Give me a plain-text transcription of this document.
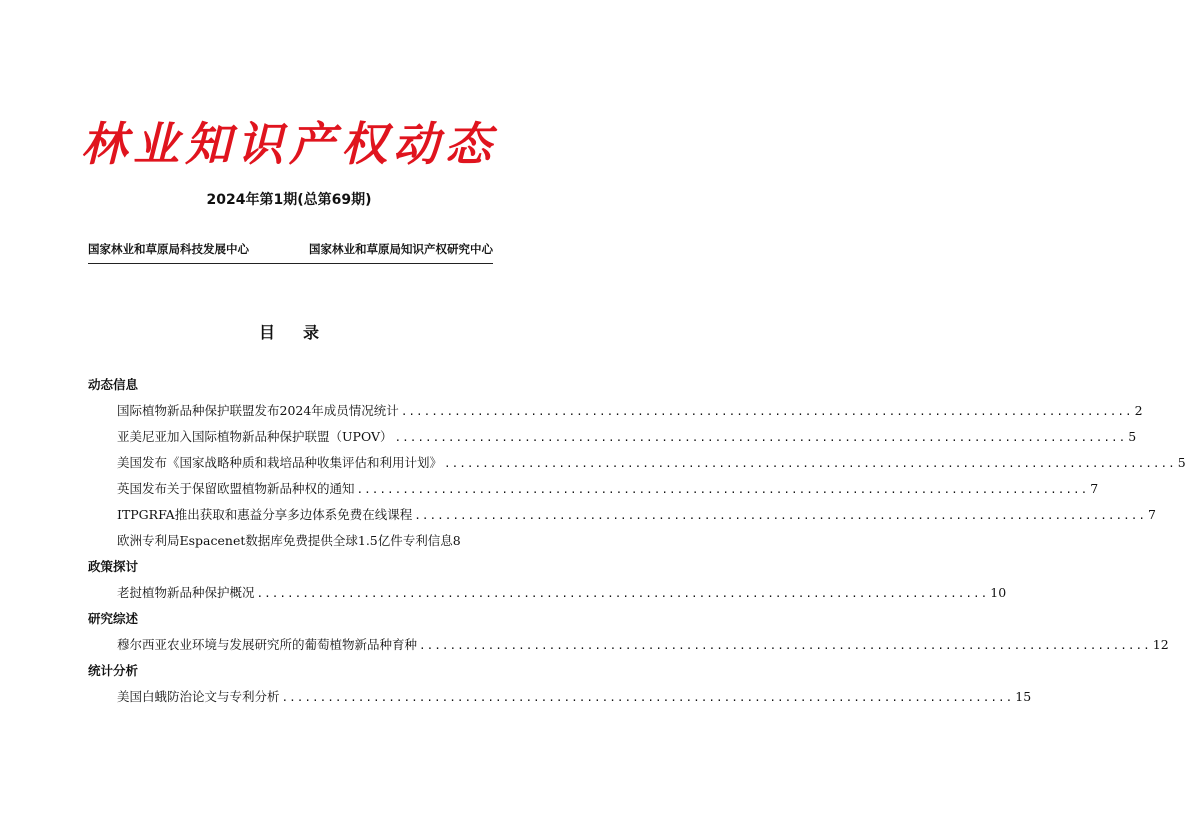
林业知识产权动态
2024年第1期(总第69期)
国家林业和草原局科技发展中心	国家林业和草原局知识产权研究中心
目录
动态信息
国际植物新品种保护联盟发布2024年成员情况统计 .....	2
亚美尼亚加入国际植物新品种保护联盟（UPOV） .....	5
美国发布《国家战略种质和栽培品种收集评估和利用计划》 .....	5
英国发布关于保留欧盟植物新品种权的通知 .....	7
ITPGRFA推出获取和惠益分享多边体系免费在线课程 .....	7
欧洲专利局Espacenet数据库免费提供全球1.5亿件专利信息 8
政策探讨
老挝植物新品种保护概况 .....	10
研究综述
穆尔西亚农业环境与发展研究所的葡萄植物新品种育种 .....	12
统计分析
美国白蛾防治论文与专利分析 .....	15
